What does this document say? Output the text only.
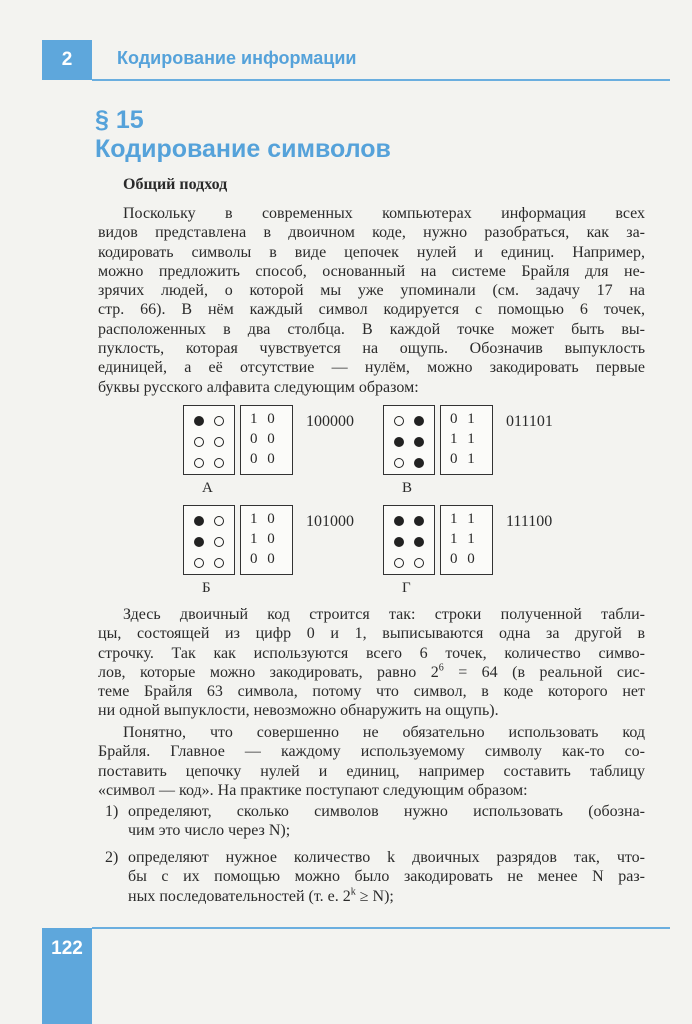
2	Кодирование информации
§ 15
Кодирование символов
Общий подход
Поскольку в современных компьютерах информация всех
видов представлена в двоичном коде, нужно разобраться, как за-
кодировать символы в виде цепочек нулей и единиц. Например,
можно предложить способ, основанный на системе Брайля для не-
зрячих людей, о которой мы уже упоминали (см. задачу 17 на
стр. 66). В нём каждый символ кодируется с помощью 6 точек,
расположенных в два столбца. В каждой точке может быть вы-
пуклость, которая чувствуется на ощупь. Обозначив выпуклость
единицей, а её отсутствие — нулём, можно закодировать первые
буквы русского алфавита следующим образом:
1 0
0 0
0 0
100000
А
0 1
1 1
0 1
011101
В
1 0
1 0
0 0
101000
Б
1 1
1 1
0 0
111100
Г
Здесь двоичный код строится так: строки полученной табли-
цы, состоящей из цифр 0 и 1, выписываются одна за другой в
строчку. Так как используются всего 6 точек, количество симво-
лов, которые можно закодировать, равно $2^6 = 64$ (в реальной сис-
теме Брайля 63 символа, потому что символ, в коде которого нет
ни одной выпуклости, невозможно обнаружить на ощупь).
Понятно, что совершенно не обязательно использовать код
Брайля. Главное — каждому используемому символу как-то со-
поставить цепочку нулей и единиц, например составить таблицу
«символ — код». На практике поступают следующим образом:
1) определяют, сколько символов нужно использовать (обозна-
чим это число через N);
2) определяют нужное количество k двоичных разрядов так, что-
бы с их помощью можно было закодировать не менее N раз-
ных последовательностей (т. е. $2^k \ge N$);
122
